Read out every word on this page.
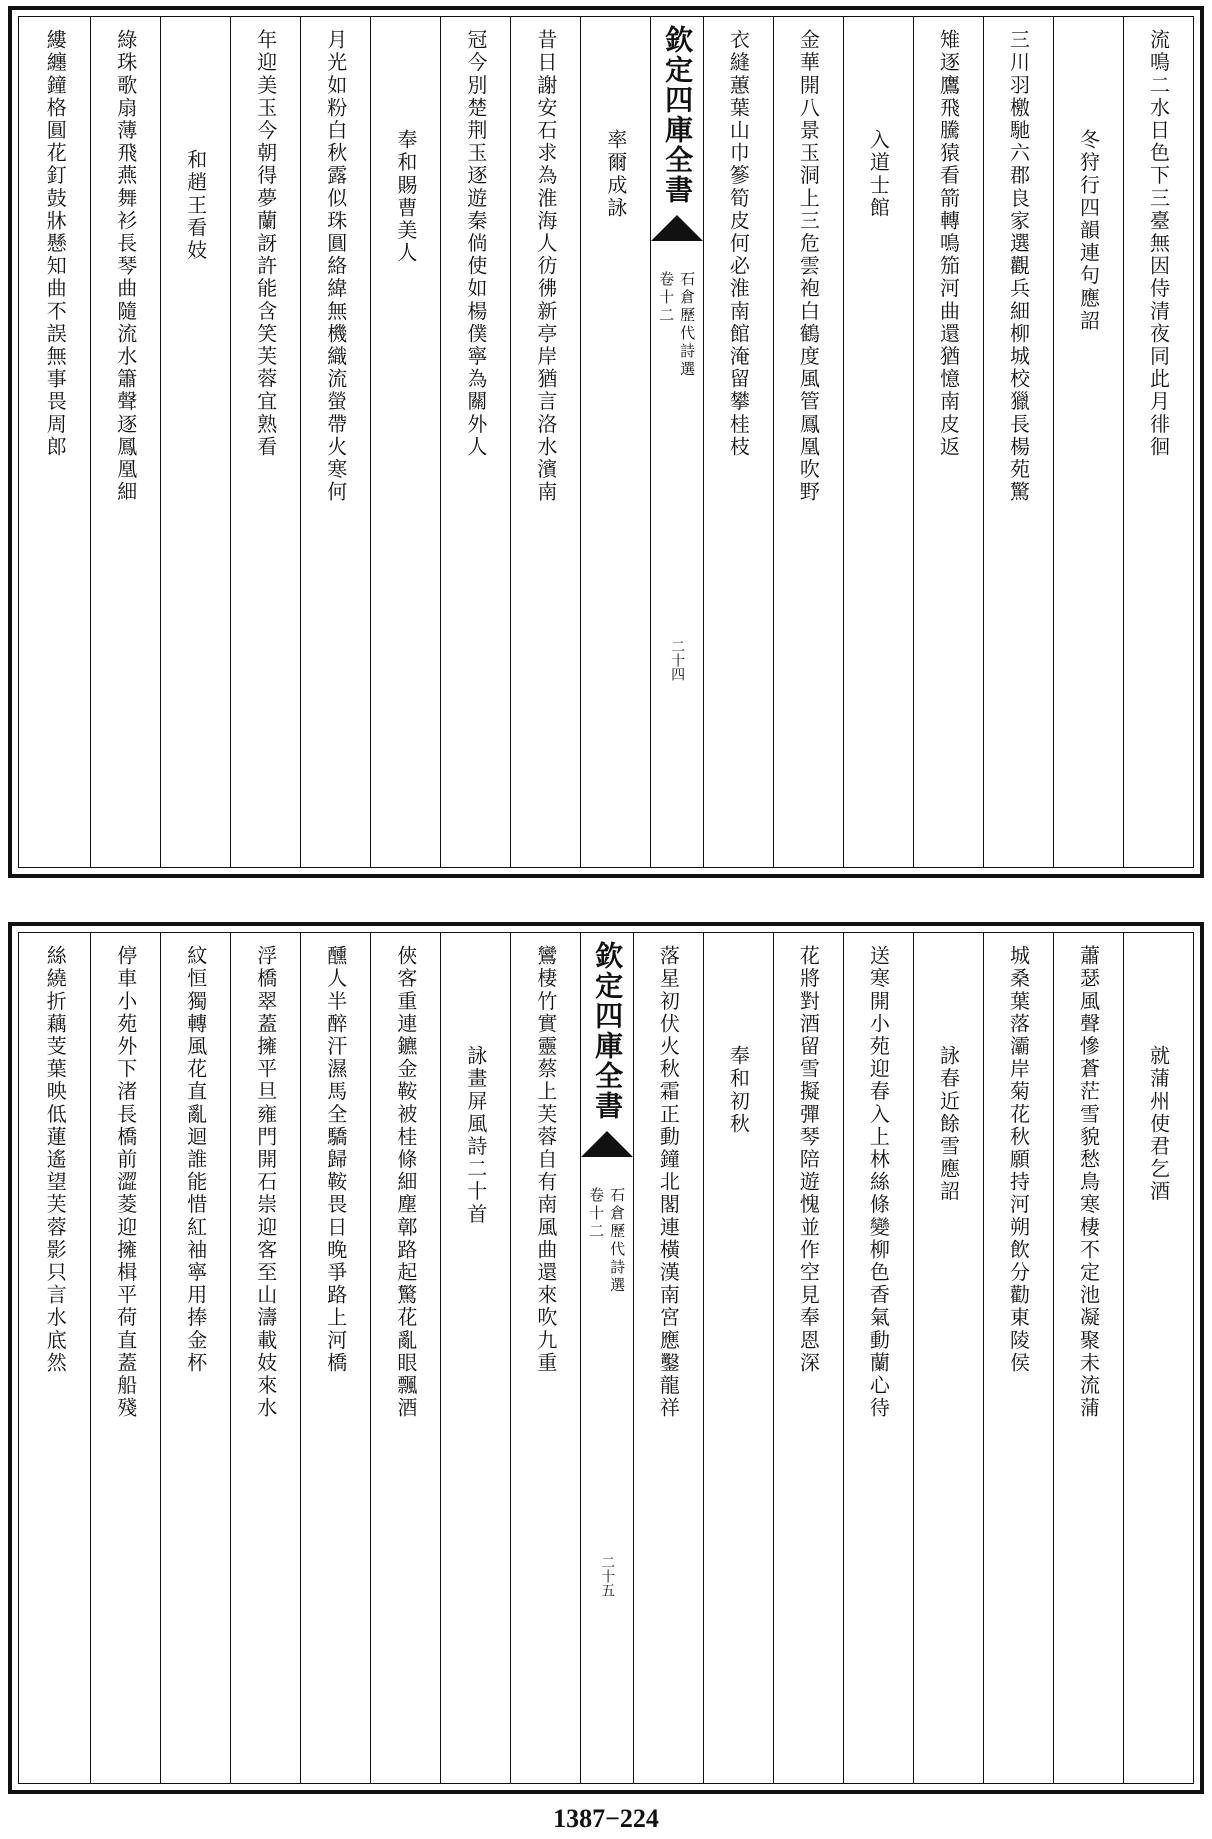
流鳴二水日色下三臺無因侍清夜同此月徘徊
冬狩行四韻連句應詔
三川羽檄馳六郡良家選觀兵細柳城校獵長楊苑驚
雉逐鷹飛騰猿看箭轉鳴笳河曲還猶憶南皮返
入道士館
金華開八景玉洞上三危雲袍白鶴度風管鳳凰吹野
衣縫蕙葉山巾篸筍皮何必淮南館淹留攀桂枝
欽定四庫全書
石倉歷代詩選
卷十二
二十四
率爾成詠
昔日謝安石求為淮海人彷彿新亭岸猶言洛水濱南
冠今別楚荆玉逐遊秦倘使如楊僕寧為關外人
奉和賜曹美人
月光如粉白秋露似珠圓絡緯無機織流螢帶火寒何
年迎美玉今朝得夢蘭訝許能含笑芙蓉宜熟看
和趙王看妓
綠珠歌扇薄飛燕舞衫長琴曲隨流水簫聲逐鳳凰細
縷纏鐘格圓花釘鼓牀懸知曲不誤無事畏周郎
就蒲州使君乞酒
蕭瑟風聲慘蒼茫雪貌愁鳥寒棲不定池凝聚未流蒲
城桑葉落灞岸菊花秋願持河朔飲分勸東陵侯
詠春近餘雪應詔
送寒開小苑迎春入上林絲條變柳色香氣動蘭心待
花將對酒留雪擬彈琴陪遊愧並作空見奉恩深
奉和初秋
落星初伏火秋霜正動鐘北閣連橫漢南宮應鑿龍祥
欽定四庫全書
石倉歷代詩選
卷十二
二十五
鸞棲竹實靈蔡上芙蓉自有南風曲還來吹九重
詠畫屏風詩二十首
俠客重連鑣金鞍被桂條細塵鄣路起驚花亂眼飄酒
醺人半醉汗濕馬全驕歸鞍畏日晚爭路上河橋
浮橋翠蓋擁平旦雍門開石崇迎客至山濤載妓來水
紋恒獨轉風花直亂迴誰能惜紅袖寧用捧金杯
停車小苑外下渚長橋前澀菱迎擁楫平荷直蓋船殘
絲繞折藕芰葉映低蓮遙望芙蓉影只言水底然
1387−224
